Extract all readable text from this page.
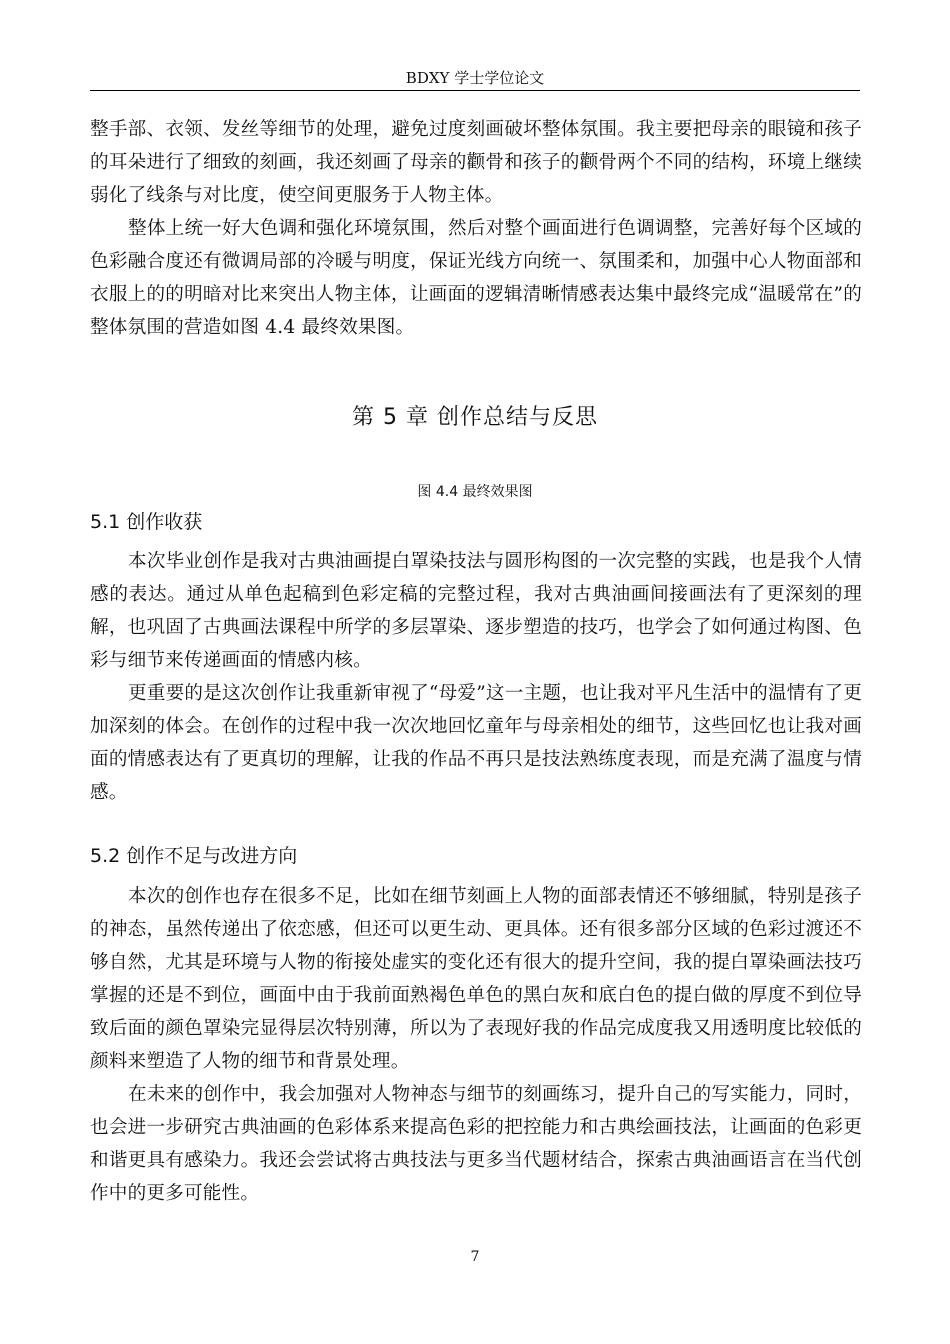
BDXY 学士学位论文

整手部、衣领、发丝等细节的处理，避免过度刻画破坏整体氛围。我主要把母亲的眼镜和孩子的耳朵进行了细致的刻画，我还刻画了母亲的颧骨和孩子的颧骨两个不同的结构，环境上继续弱化了线条与对比度，使空间更服务于人物主体。

整体上统一好大色调和强化环境氛围，然后对整个画面进行色调调整，完善好每个区域的色彩融合度还有微调局部的冷暖与明度，保证光线方向统一、氛围柔和，加强中心人物面部和衣服上的的明暗对比来突出人物主体，让画面的逻辑清晰情感表达集中最终完成“温暖常在”的整体氛围的营造如图 4.4 最终效果图。

第 5 章 创作总结与反思
图 4.4 最终效果图
5.1 创作收获

本次毕业创作是我对古典油画提白罩染技法与圆形构图的一次完整的实践，也是我个人情感的表达。通过从单色起稿到色彩定稿的完整过程，我对古典油画间接画法有了更深刻的理解，也巩固了古典画法课程中所学的多层罩染、逐步塑造的技巧，也学会了如何通过构图、色彩与细节来传递画面的情感内核。

更重要的是这次创作让我重新审视了“母爱”这一主题，也让我对平凡生活中的温情有了更加深刻的体会。在创作的过程中我一次次地回忆童年与母亲相处的细节，这些回忆也让我对画面的情感表达有了更真切的理解，让我的作品不再只是技法熟练度表现，而是充满了温度与情感。

5.2 创作不足与改进方向

本次的创作也存在很多不足，比如在细节刻画上人物的面部表情还不够细腻，特别是孩子的神态，虽然传递出了依恋感，但还可以更生动、更具体。还有很多部分区域的色彩过渡还不够自然，尤其是环境与人物的衔接处虚实的变化还有很大的提升空间，我的提白罩染画法技巧掌握的还是不到位，画面中由于我前面熟褐色单色的黑白灰和底白色的提白做的厚度不到位导致后面的颜色罩染完显得层次特别薄，所以为了表现好我的作品完成度我又用透明度比较低的颜料来塑造了人物的细节和背景处理。

在未来的创作中，我会加强对人物神态与细节的刻画练习，提升自己的写实能力，同时，也会进一步研究古典油画的色彩体系来提高色彩的把控能力和古典绘画技法，让画面的色彩更和谐更具有感染力。我还会尝试将古典技法与更多当代题材结合，探索古典油画语言在当代创作中的更多可能性。

7
